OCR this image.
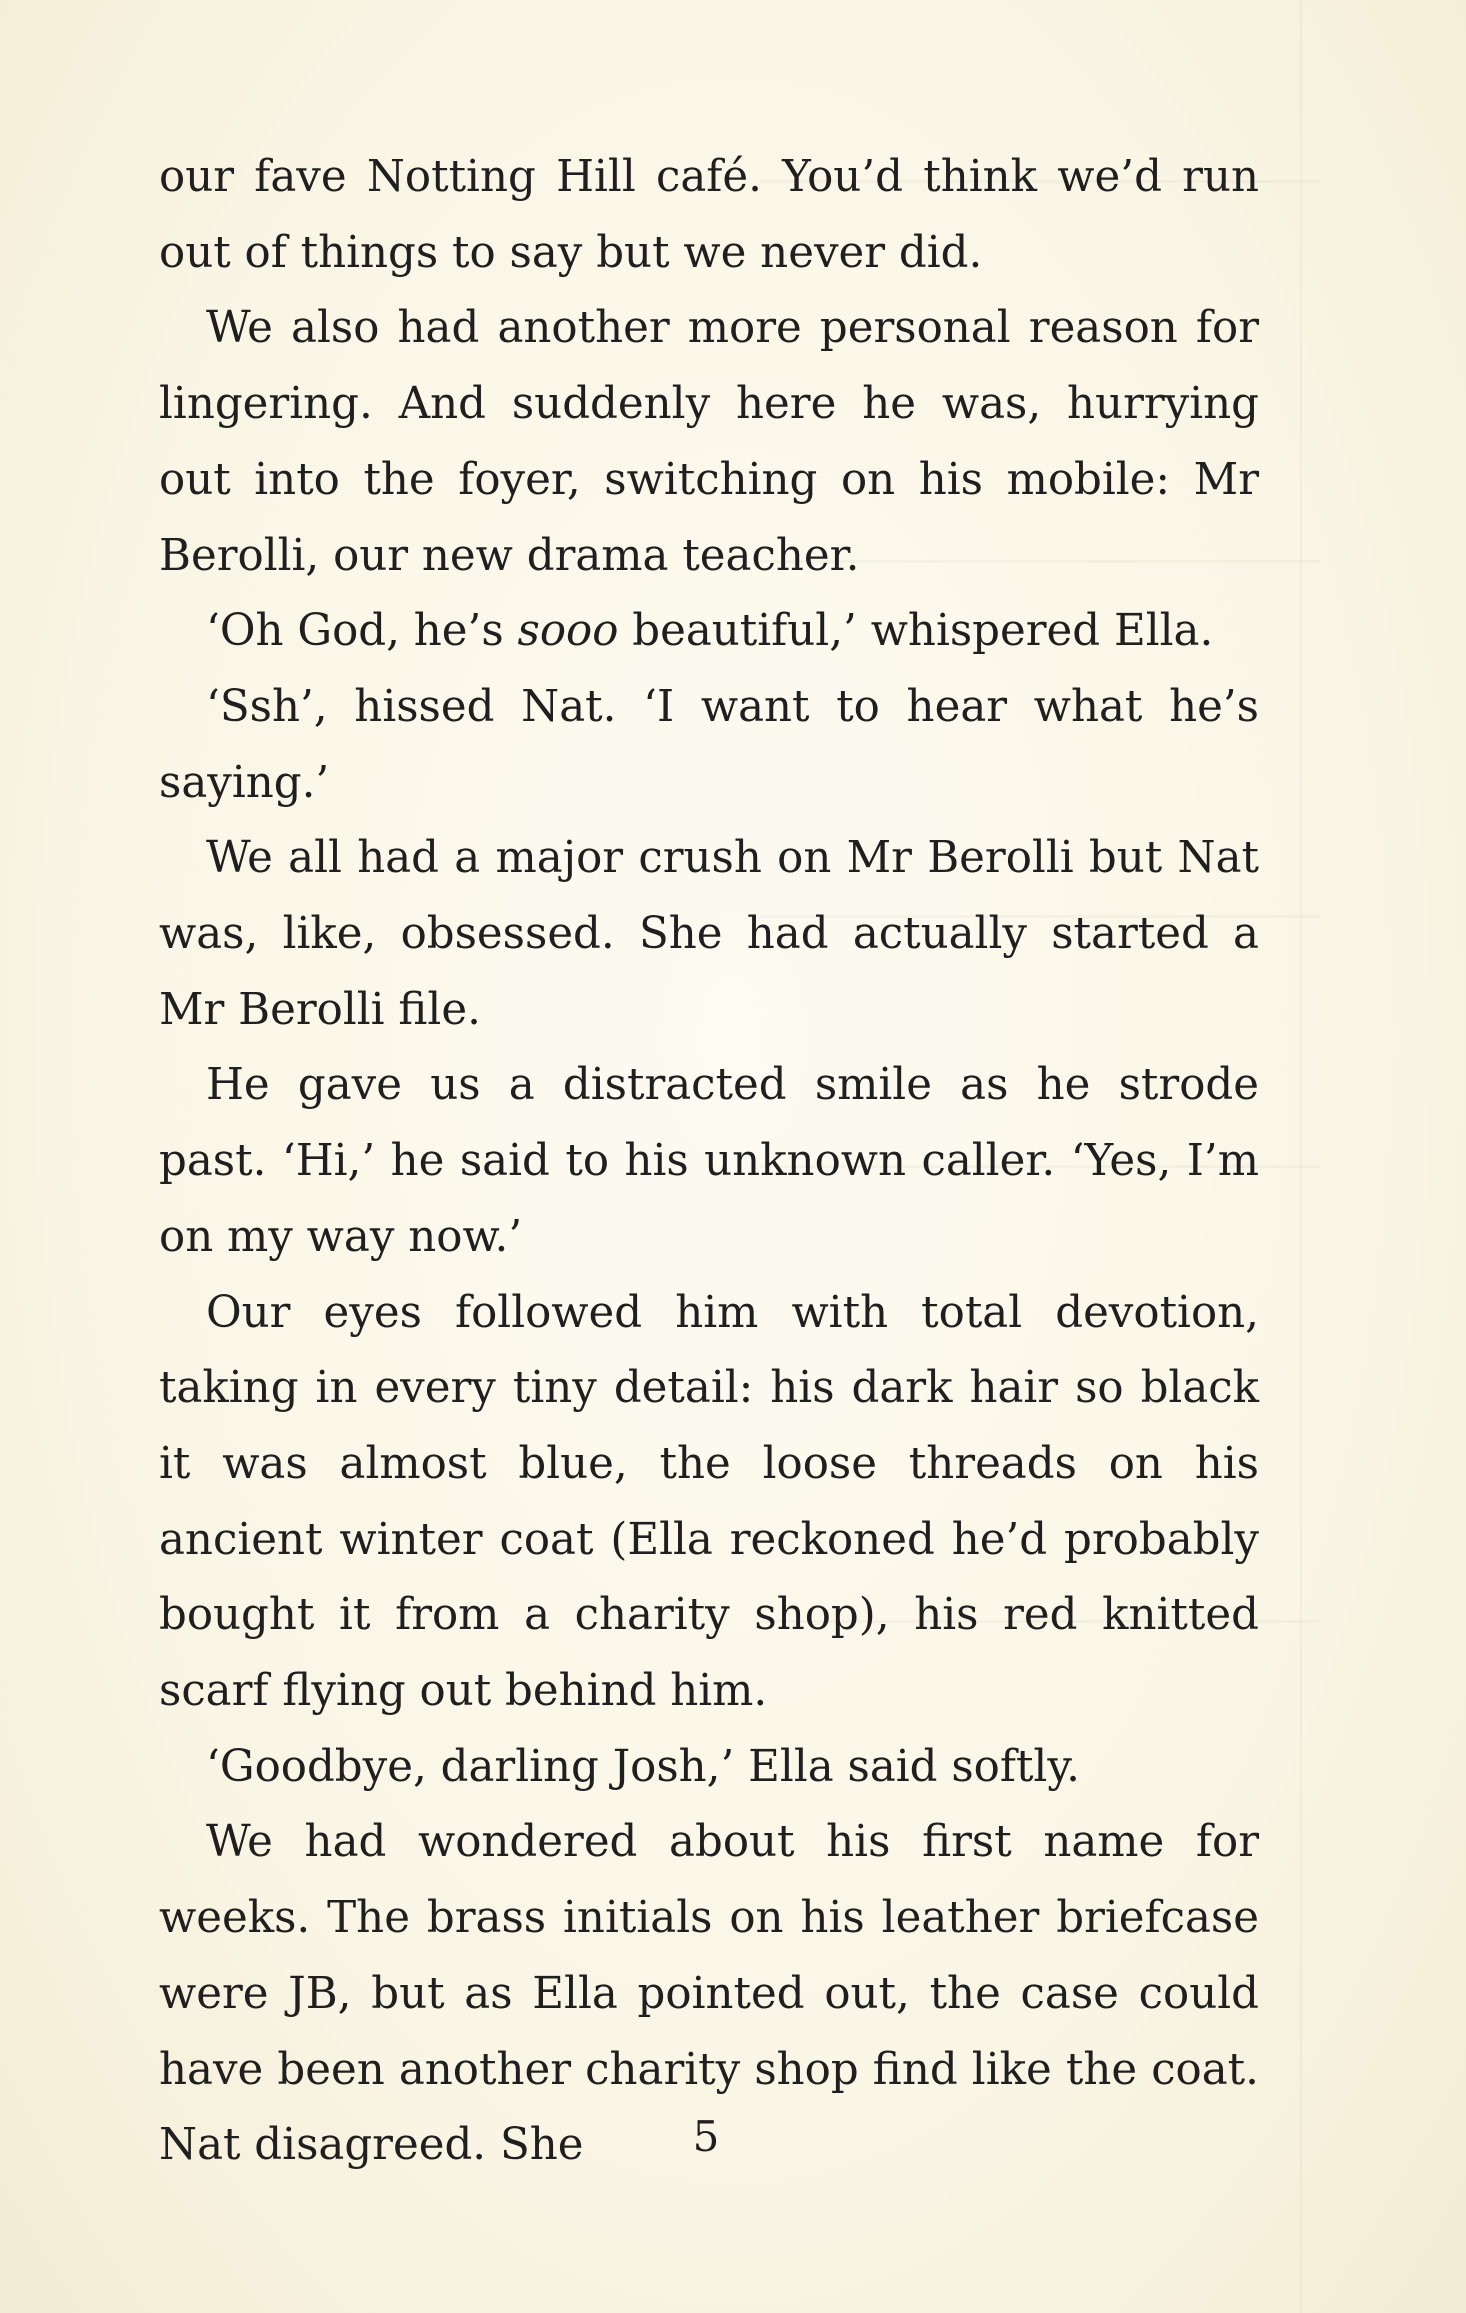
our fave Notting Hill café. You’d think we’d run out of things to say but we never did.

We also had another more personal reason for lingering. And suddenly here he was, hurrying out into the foyer, switching on his mobile: Mr Berolli, our new drama teacher.

‘Oh God, he’s sooo beautiful,’ whispered Ella.

‘Ssh’, hissed Nat. ‘I want to hear what he’s saying.’

We all had a major crush on Mr Berolli but Nat was, like, obsessed. She had actually started a Mr Berolli file.

He gave us a distracted smile as he strode past. ‘Hi,’ he said to his unknown caller. ‘Yes, I’m on my way now.’

Our eyes followed him with total devotion, taking in every tiny detail: his dark hair so black it was almost blue, the loose threads on his ancient winter coat (Ella reckoned he’d probably bought it from a charity shop), his red knitted scarf flying out behind him.

‘Goodbye, darling Josh,’ Ella said softly.

We had wondered about his first name for weeks. The brass initials on his leather briefcase were JB, but as Ella pointed out, the case could have been another charity shop find like the coat. Nat disagreed. She	5
